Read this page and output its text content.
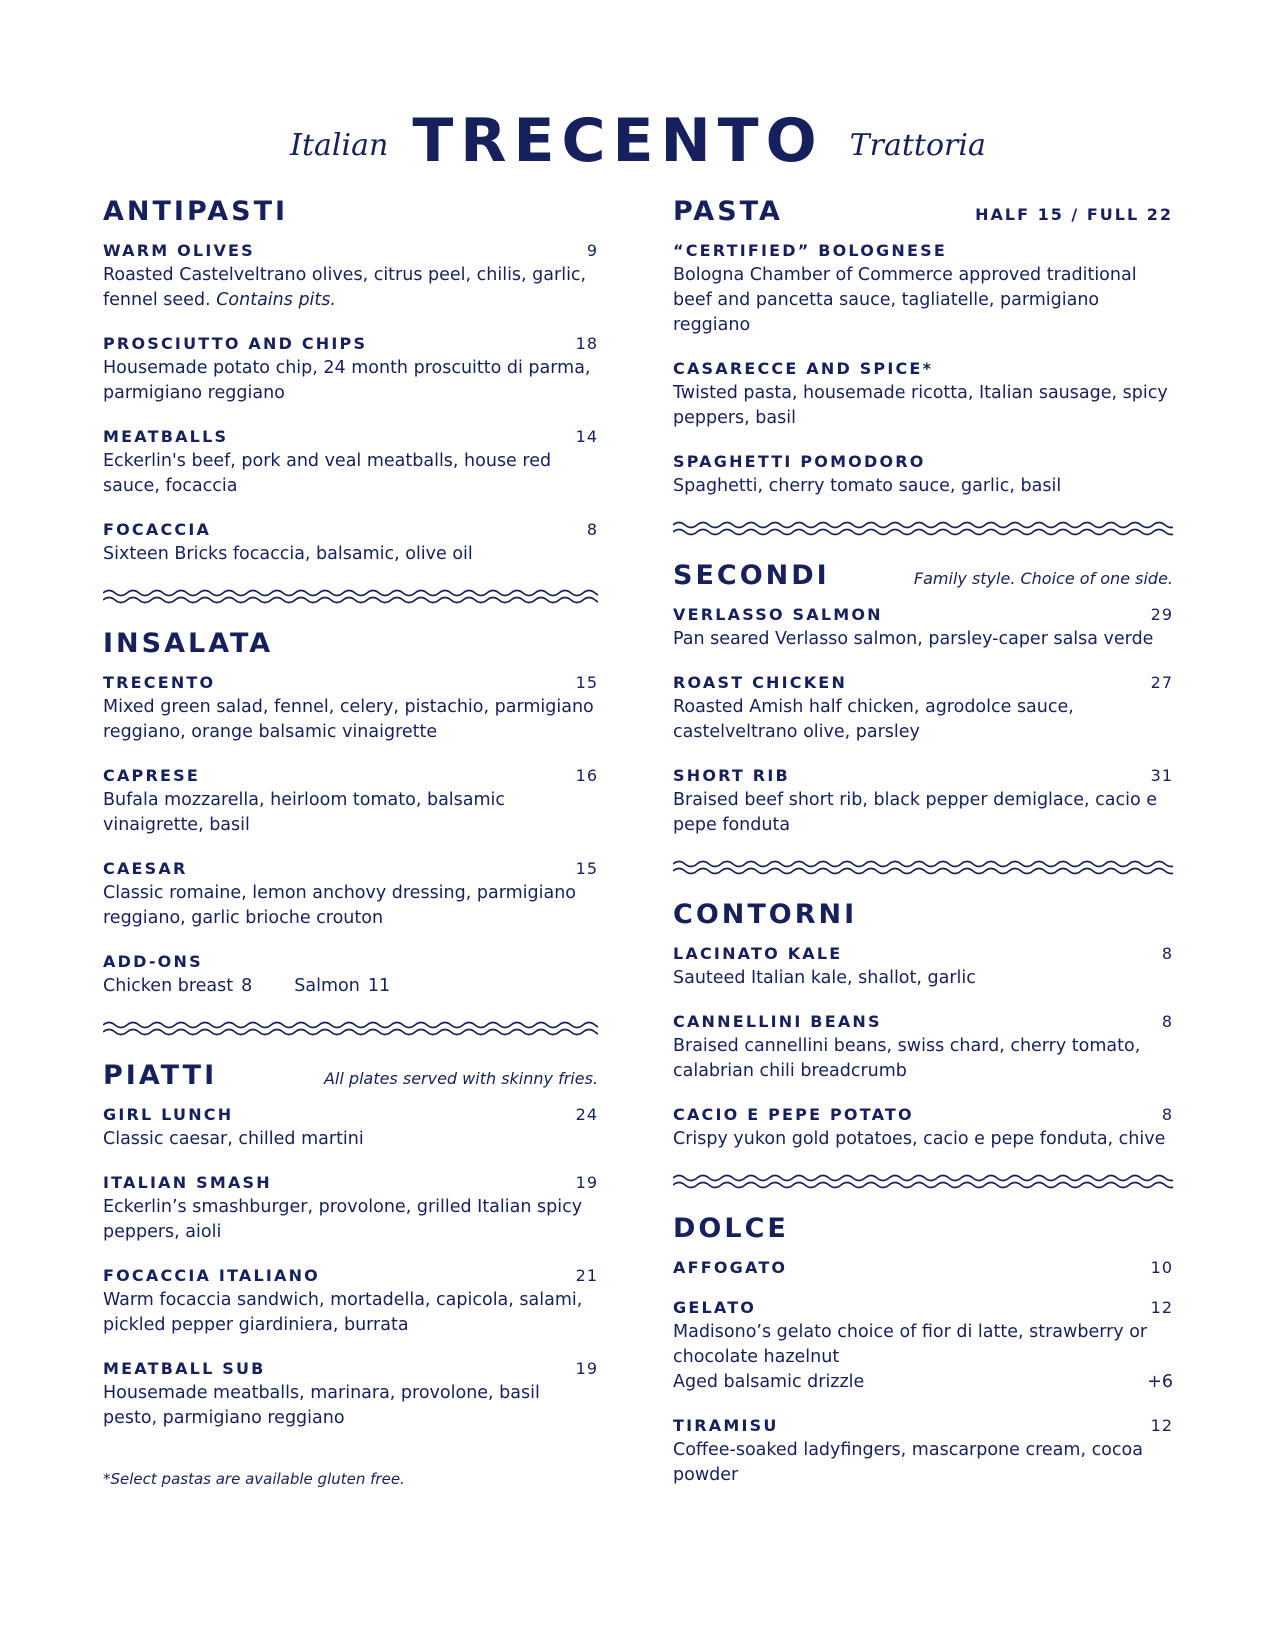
Italian TRECENTO Trattoria
ANTIPASTI
WARM OLIVES	9
Roasted Castelveltrano olives, citrus peel, chilis, garlic, fennel seed. Contains pits.
PROSCIUTTO AND CHIPS	18
Housemade potato chip, 24 month proscuitto di parma, parmigiano reggiano
MEATBALLS	14
Eckerlin's beef, pork and veal meatballs, house red sauce, focaccia
FOCACCIA	8
Sixteen Bricks focaccia, balsamic, olive oil
INSALATA
TRECENTO	15
Mixed green salad, fennel, celery, pistachio, parmigiano reggiano, orange balsamic vinaigrette
CAPRESE	16
Bufala mozzarella, heirloom tomato, balsamic vinaigrette, basil
CAESAR	15
Classic romaine, lemon anchovy dressing, parmigiano reggiano, garlic brioche crouton
ADD-ONS
Chicken breast 8 Salmon 11
PIATTI	All plates served with skinny fries.
GIRL LUNCH	24
Classic caesar, chilled martini
ITALIAN SMASH	19
Eckerlin’s smashburger, provolone, grilled Italian spicy peppers, aioli
FOCACCIA ITALIANO	21
Warm focaccia sandwich, mortadella, capicola, salami, pickled pepper giardiniera, burrata
MEATBALL SUB	19
Housemade meatballs, marinara, provolone, basil pesto, parmigiano reggiano
*Select pastas are available gluten free.
PASTA	HALF 15 / FULL 22
“CERTIFIED” BOLOGNESE
Bologna Chamber of Commerce approved traditional beef and pancetta sauce, tagliatelle, parmigiano reggiano
CASARECCE AND SPICE*
Twisted pasta, housemade ricotta, Italian sausage, spicy peppers, basil
SPAGHETTI POMODORO
Spaghetti, cherry tomato sauce, garlic, basil
SECONDI	Family style. Choice of one side.
VERLASSO SALMON	29
Pan seared Verlasso salmon, parsley-caper salsa verde
ROAST CHICKEN	27
Roasted Amish half chicken, agrodolce sauce, castelveltrano olive, parsley
SHORT RIB	31
Braised beef short rib, black pepper demiglace, cacio e pepe fonduta
CONTORNI
LACINATO KALE	8
Sauteed Italian kale, shallot, garlic
CANNELLINI BEANS	8
Braised cannellini beans, swiss chard, cherry tomato, calabrian chili breadcrumb
CACIO E PEPE POTATO	8
Crispy yukon gold potatoes, cacio e pepe fonduta, chive
DOLCE
AFFOGATO	10
GELATO	12
Madisono’s gelato choice of fior di latte, strawberry or chocolate hazelnut
Aged balsamic drizzle	+6
TIRAMISU	12
Coffee-soaked ladyfingers, mascarpone cream, cocoa powder
